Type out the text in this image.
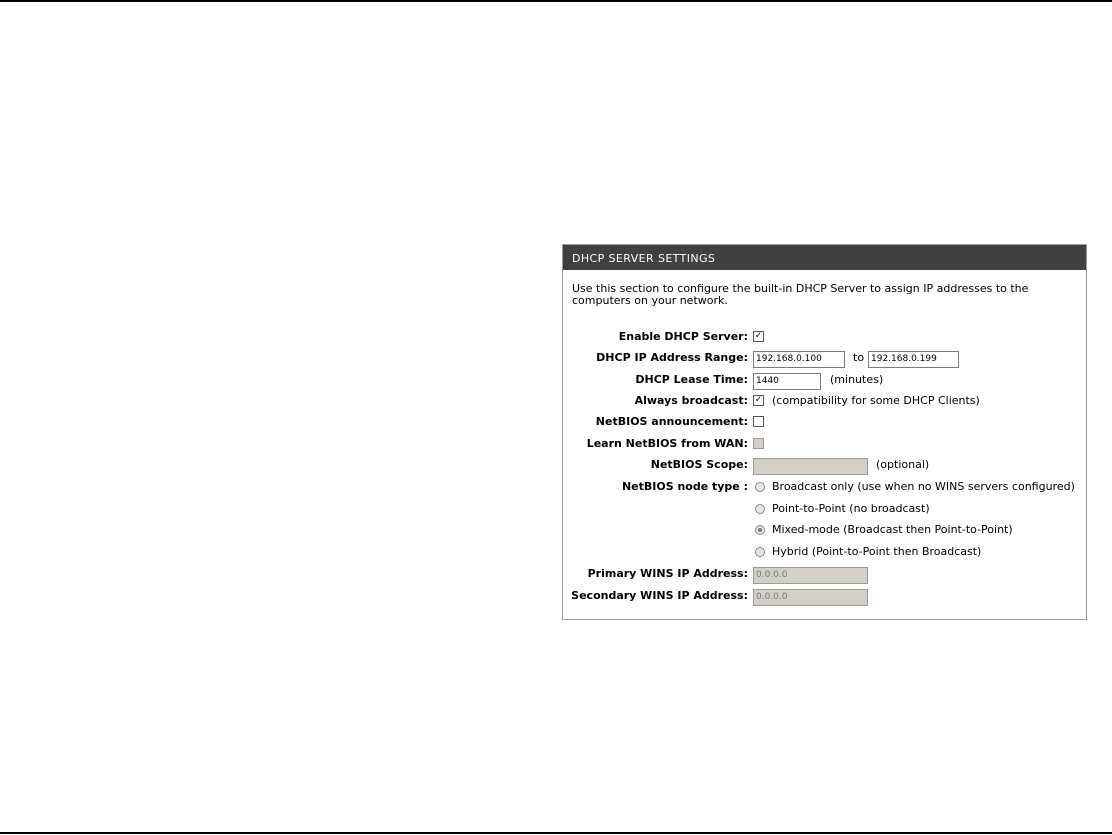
DHCP SERVER SETTINGS
Use this section to configure the built-in DHCP Server to assign IP addresses to the computers on your network.
Enable DHCP Server: ✓
DHCP IP Address Range: 192.168.0.100	to 192.168.0.199
DHCP Lease Time: 1440	(minutes)
Always broadcast: ✓ (compatibility for some DHCP Clients)
NetBIOS announcement:
Learn NetBIOS from WAN:
NetBIOS Scope:	(optional)
NetBIOS node type : Broadcast only (use when no WINS servers configured)
Point-to-Point (no broadcast)
Mixed-mode (Broadcast then Point-to-Point)
Hybrid (Point-to-Point then Broadcast)
Primary WINS IP Address: 0.0.0.0
Secondary WINS IP Address: 0.0.0.0
